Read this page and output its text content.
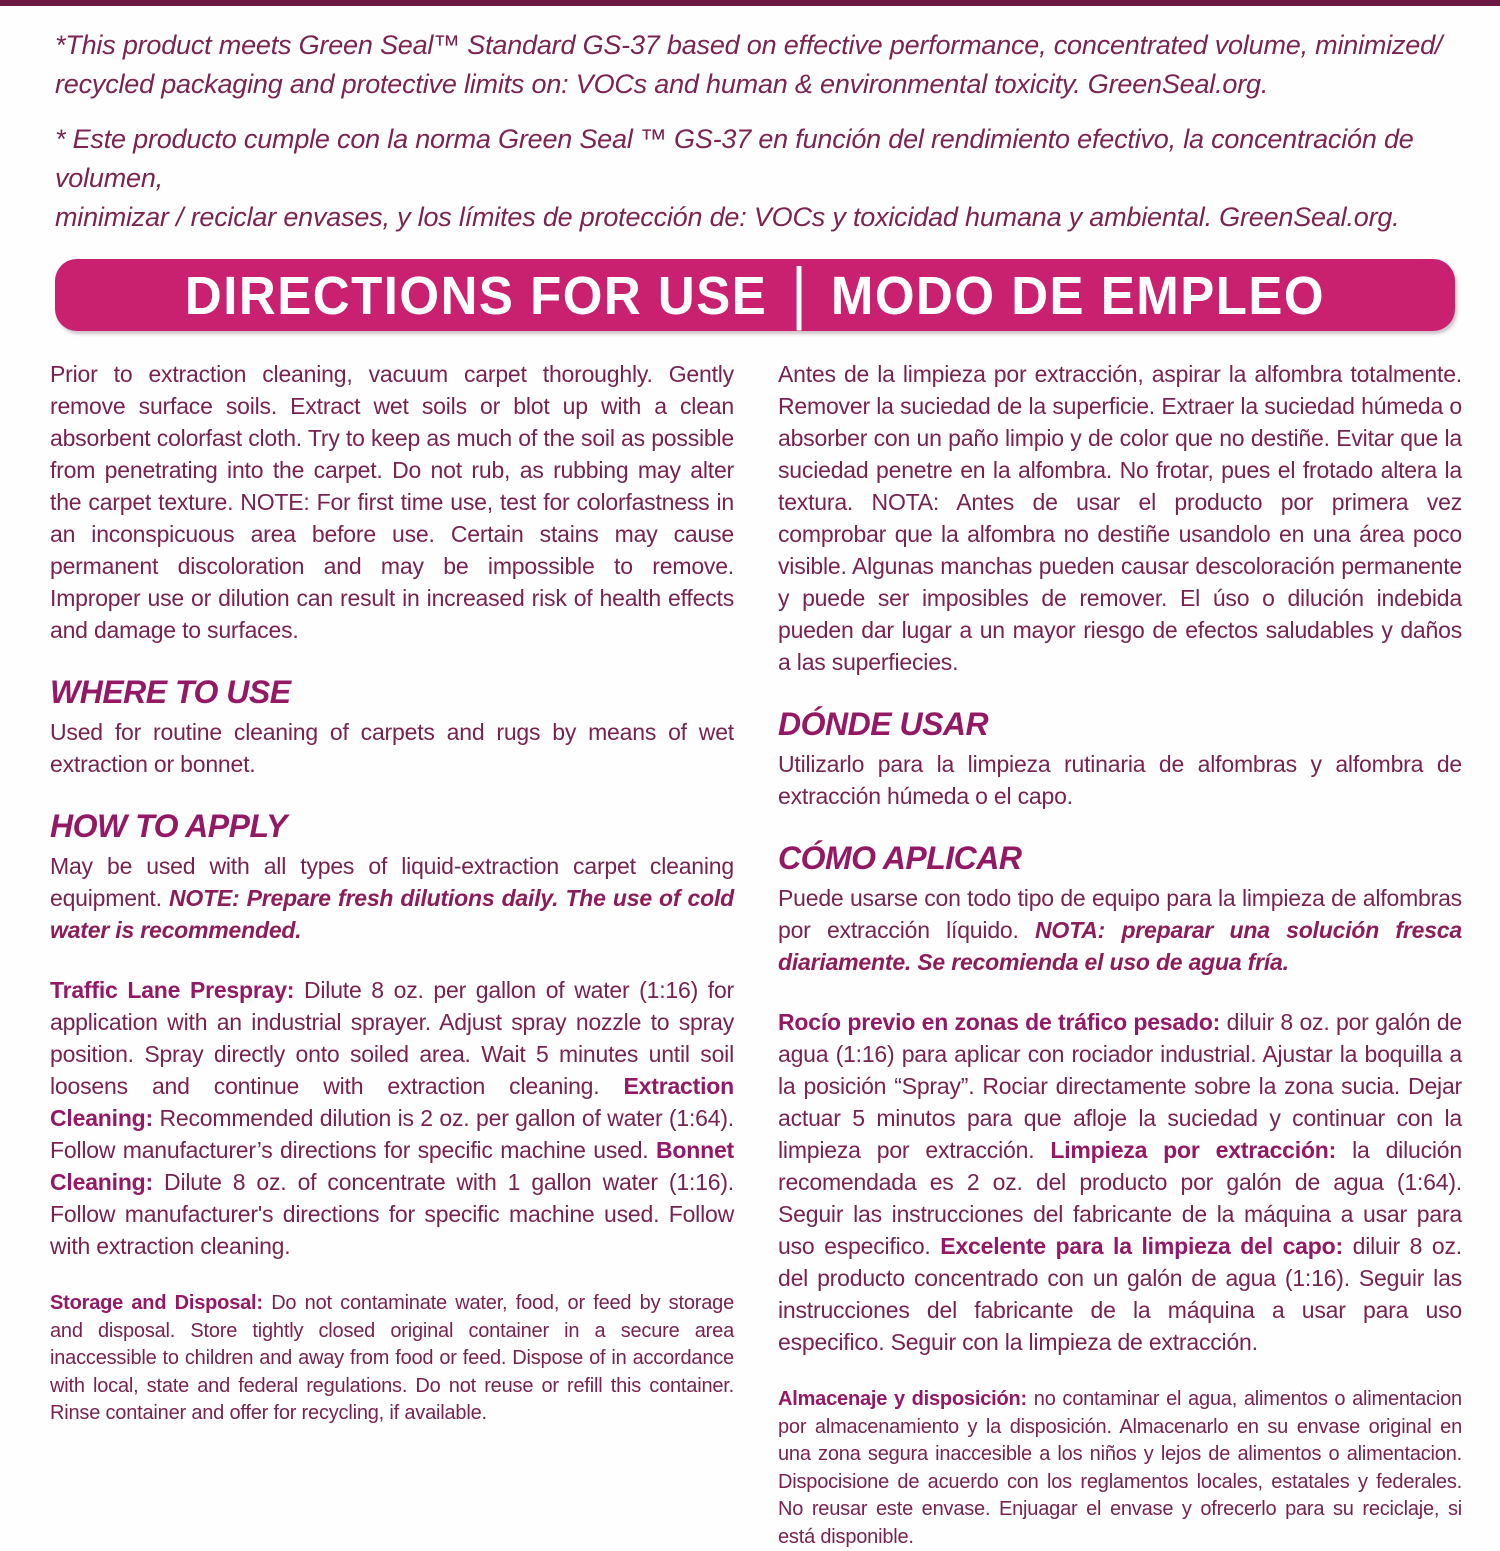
*This product meets Green Seal™ Standard GS-37 based on effective performance, concentrated volume, minimized/

recycled packaging and protective limits on: VOCs and human & environmental toxicity. GreenSeal.org.

* Este producto cumple con la norma Green Seal ™ GS-37 en función del rendimiento efectivo, la concentración de volumen,

minimizar / reciclar envases, y los límites de protección de: VOCs y toxicidad humana y ambiental. GreenSeal.org.

DIRECTIONS FOR USE | MODO DE EMPLEO

Prior to extraction cleaning, vacuum carpet thoroughly. Gently remove surface soils. Extract wet soils or blot up with a clean absorbent colorfast cloth. Try to keep as much of the soil as possible from penetrating into the carpet. Do not rub, as rubbing may alter the carpet texture. NOTE: For first time use, test for colorfastness in an inconspicuous area before use. Certain stains may cause permanent discoloration and may be impossible to remove. Improper use or dilution can result in increased risk of health effects and damage to surfaces.

WHERE TO USE

Used for routine cleaning of carpets and rugs by means of wet extraction or bonnet.

HOW TO APPLY

May be used with all types of liquid-extraction carpet cleaning equipment. NOTE: Prepare fresh dilutions daily. The use of cold water is recommended.

Traffic Lane Prespray: Dilute 8 oz. per gallon of water (1:16) for application with an industrial sprayer. Adjust spray nozzle to spray position. Spray directly onto soiled area. Wait 5 minutes until soil loosens and continue with extraction cleaning. Extraction Cleaning: Recommended dilution is 2 oz. per gallon of water (1:64). Follow manufacturer’s directions for specific machine used. Bonnet Cleaning: Dilute 8 oz. of concentrate with 1 gallon water (1:16). Follow manufacturer's directions for specific machine used. Follow with extraction cleaning.

Storage and Disposal: Do not contaminate water, food, or feed by storage and disposal. Store tightly closed original container in a secure area inaccessible to children and away from food or feed. Dispose of in accordance with local, state and federal regulations. Do not reuse or refill this container. Rinse container and offer for recycling, if available.

Antes de la limpieza por extracción, aspirar la alfombra totalmente. Remover la suciedad de la superficie. Extraer la suciedad húmeda o absorber con un paño limpio y de color que no destiñe. Evitar que la suciedad penetre en la alfombra. No frotar, pues el frotado altera la textura. NOTA: Antes de usar el producto por primera vez comprobar que la alfombra no destiñe usandolo en una área poco visible. Algunas manchas pueden causar descoloración permanente y puede ser imposibles de remover. El úso o dilución indebida pueden dar lugar a un mayor riesgo de efectos saludables y daños a las superfiecies.

DÓNDE USAR

Utilizarlo para la limpieza rutinaria de alfombras y alfombra de extracción húmeda o el capo.

CÓMO APLICAR

Puede usarse con todo tipo de equipo para la limpieza de alfombras por extracción líquido. NOTA: preparar una solución fresca diariamente. Se recomienda el uso de agua fría.

Rocío previo en zonas de tráfico pesado: diluir 8 oz. por galón de agua (1:16) para aplicar con rociador industrial. Ajustar la boquilla a la posición “Spray”. Rociar directamente sobre la zona sucia. Dejar actuar 5 minutos para que afloje la suciedad y continuar con la limpieza por extracción. Limpieza por extracción: la dilución recomendada es 2 oz. del producto por galón de agua (1:64). Seguir las instrucciones del fabricante de la máquina a usar para uso especifico. Excelente para la limpieza del capo: diluir 8 oz. del producto concentrado con un galón de agua (1:16). Seguir las instrucciones del fabricante de la máquina a usar para uso especifico. Seguir con la limpieza de extracción.

Almacenaje y disposición: no contaminar el agua, alimentos o alimentacion por almacenamiento y la disposición. Almacenarlo en su envase original en una zona segura inaccesible a los niños y lejos de alimentos o alimentacion. Dispocisione de acuerdo con los reglamentos locales, estatales y federales. No reusar este envase. Enjuagar el envase y ofrecerlo para su reciclaje, si está disponible.
